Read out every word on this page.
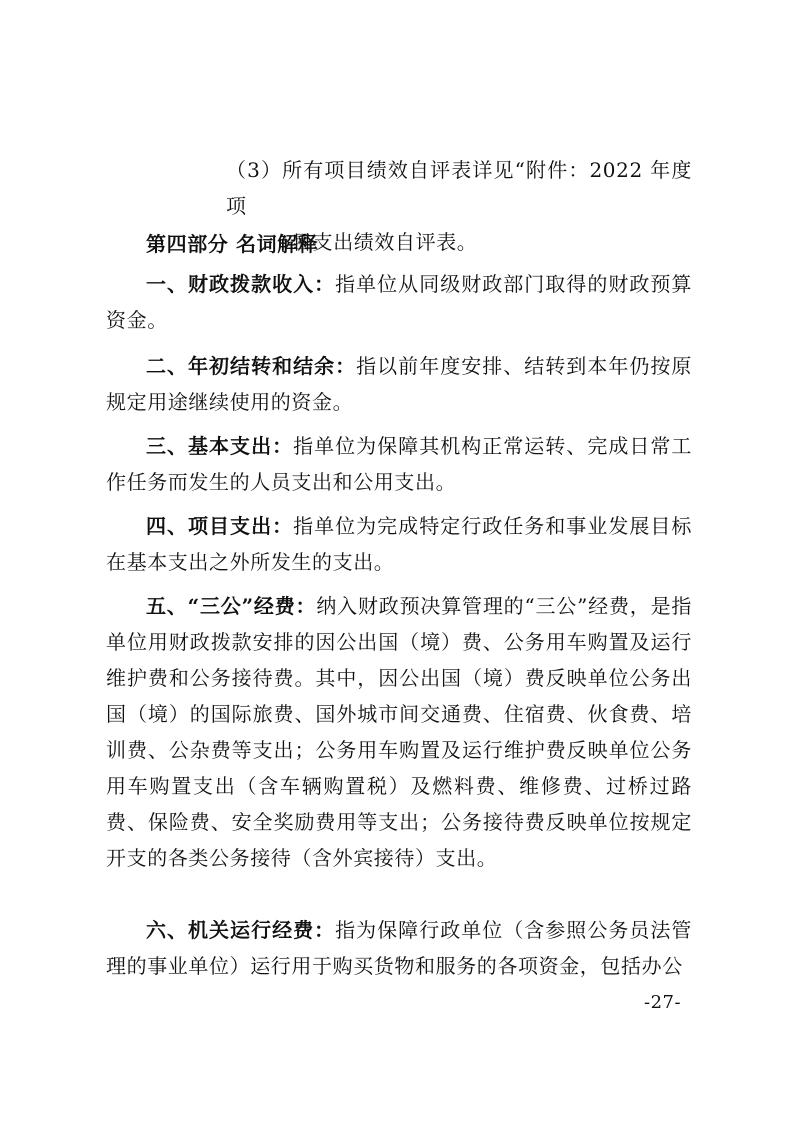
（3）所有项目绩效自评表详见“附件：2022 年度项
目支出绩效自评表。
第四部分 名词解释
一、财政拨款收入：指单位从同级财政部门取得的财政预算资金。
二、年初结转和结余：指以前年度安排、结转到本年仍按原规定用途继续使用的资金。
三、基本支出：指单位为保障其机构正常运转、完成日常工作任务而发生的人员支出和公用支出。
四、项目支出：指单位为完成特定行政任务和事业发展目标在基本支出之外所发生的支出。
五、“三公”经费：纳入财政预决算管理的“三公”经费，是指单位用财政拨款安排的因公出国（境）费、公务用车购置及运行维护费和公务接待费。其中，因公出国（境）费反映单位公务出国（境）的国际旅费、国外城市间交通费、住宿费、伙食费、培训费、公杂费等支出；公务用车购置及运行维护费反映单位公务用车购置支出（含车辆购置税）及燃料费、维修费、过桥过路费、保险费、安全奖励费用等支出；公务接待费反映单位按规定开支的各类公务接待（含外宾接待）支出。
六、机关运行经费：指为保障行政单位（含参照公务员法管理的事业单位）运行用于购买货物和服务的各项资金，包括办公
-27-
